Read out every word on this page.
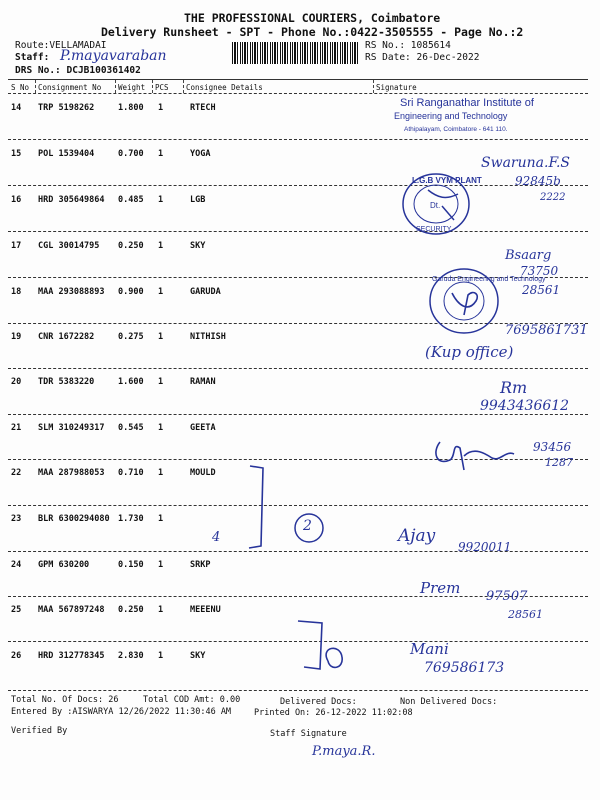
THE PROFESSIONAL COURIERS, Coimbatore
Delivery Runsheet - SPT - Phone No.:0422-3505555 - Page No.:2
Route:VELLAMADAI
Staff: P.mayavaraban
DRS No.: DCJB100361402
RS No.: 1085614
RS Date: 26-Dec-2022
S No Consignment No Weight PCS Consignee Details	Signature
14 TRP 5198262	1.800 1	RTECH
15 POL 1539404	0.700 1	YOGA
16 HRD 305649864 0.485 1	LGB
17 CGL 30014795 0.250 1	SKY
18 MAA 293088893 0.900 1	GARUDA
19 CNR 1672282	0.275 1	NITHISH
20 TDR 5383220	1.600 1	RAMAN
21 SLM 310249317 0.545 1	GEETA
22 MAA 287988053 0.710 1	MOULD
23 BLR 6300294080 1.730 1
24 GPM 630200	0.150 1	SRKP
25 MAA 567897248 0.250 1	MEEENU
26 HRD 312778345 2.830 1	SKY
Sri Ranganathar Institute of
Engineering and Technology
Athipalayam, Coimbatore - 641 110.
L.G.B VYM PLANT
Dt.
SECURITY
Garuda Engineering and Technology
Swaruna.F.S
92845b
2222
Bsaarg
73750
28561
7695861731
(Kup office)
Rm
9943436612
93456
1287
2
4	Ajay
9920011
Prem 97507
28561
Mani
769586173
Total No. Of Docs: 26	Total COD Amt: 0.00	Delivered Docs:	Non Delivered Docs:
Entered By :AISWARYA 12/26/2022 11:30:46 AM	Printed On: 26-12-2022 11:02:08
Verified By	Staff Signature
P.maya.R.
